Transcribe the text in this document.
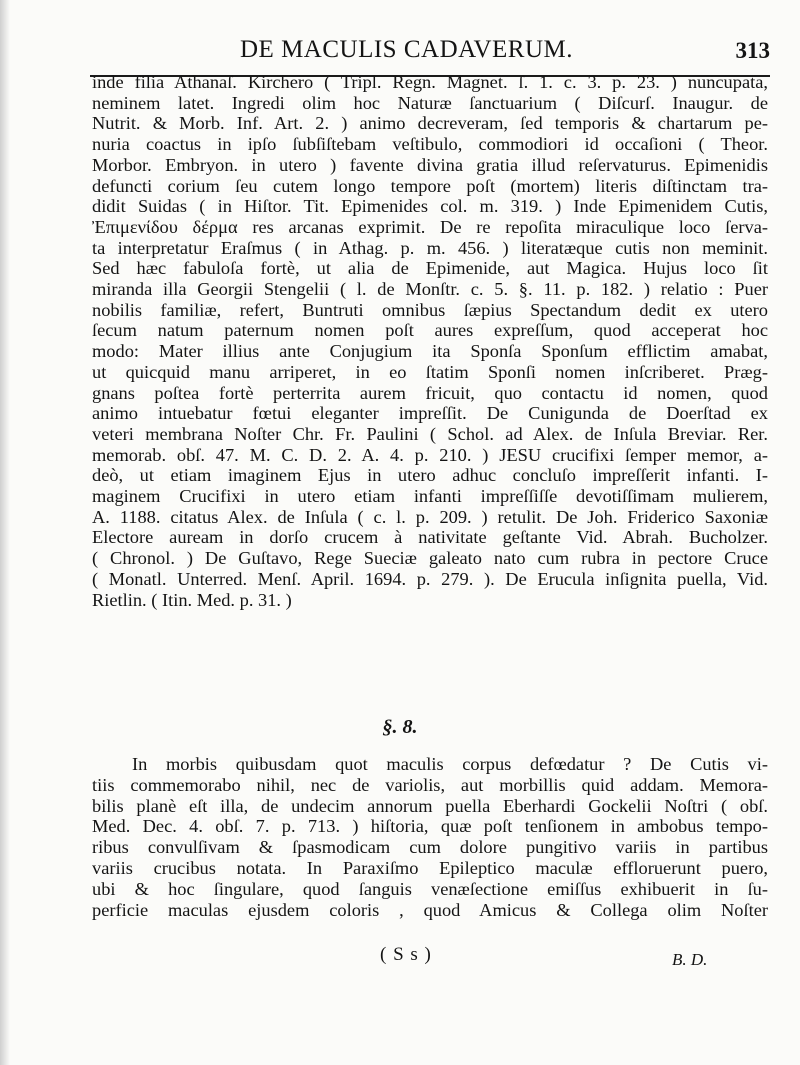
DE MACULIS CADAVERUM.	313
inde filia Athanaſ. Kirchero ( Tripl. Regn. Magnet. ſ. 1. c. 3. p. 23. ) nuncupata,
neminem latet. Ingredi olim hoc Naturæ ſanctuarium ( Diſcurſ. Inaugur. de
Nutrit. & Morb. Inf. Art. 2. ) animo decreveram, ſed temporis & chartarum pe-
nuria coactus in ipſo ſubſiſtebam veſtibulo, commodiori id occaſioni ( Theor.
Morbor. Embryon. in utero ) favente divina gratia illud reſervaturus. Epimenidis
defuncti corium ſeu cutem longo tempore poſt (mortem) literis diſtinctam tra-
didit Suidas ( in Hiſtor. Tit. Epimenides col. m. 319. ) Inde Epimenidem Cutis,
Ἐπιμενίδου δέρμα res arcanas exprimit. De re repoſita miraculique loco ſerva-
ta interpretatur Eraſmus ( in Athag. p. m. 456. ) literatæque cutis non meminit.
Sed hæc fabuloſa fortè, ut alia de Epimenide, aut Magica. Hujus loco ſit
miranda illa Georgii Stengelii ( l. de Monſtr. c. 5. §. 11. p. 182. ) relatio : Puer
nobilis familiæ, refert, Buntruti omnibus ſæpius Spectandum dedit ex utero
ſecum natum paternum nomen poſt aures expreſſum, quod acceperat hoc
modo: Mater illius ante Conjugium ita Sponſa Sponſum efflictim amabat,
ut quicquid manu arriperet, in eo ſtatim Sponſi nomen inſcriberet. Præg-
gnans poſtea fortè perterrita aurem fricuit, quo contactu id nomen, quod
animo intuebatur fœtui eleganter impreſſit. De Cunigunda de Doerſtad ex
veteri membrana Noſter Chr. Fr. Paulini ( Schol. ad Alex. de Inſula Breviar. Rer.
memorab. obſ. 47. M. C. D. 2. A. 4. p. 210. ) JESU crucifixi ſemper memor, a-
deò, ut etiam imaginem Ejus in utero adhuc concluſo impreſſerit infanti. I-
maginem Crucifixi in utero etiam infanti impreſſiſſe devotiſſimam mulierem,
A. 1188. citatus Alex. de Inſula ( c. l. p. 209. ) retulit. De Joh. Friderico Saxoniæ
Electore auream in dorſo crucem à nativitate geſtante Vid. Abrah. Bucholzer.
( Chronol. ) De Guſtavo, Rege Sueciæ galeato nato cum rubra in pectore Cruce
( Monatl. Unterred. Menſ. April. 1694. p. 279. ). De Erucula inſignita puella, Vid.
Rietlin. ( Itin. Med. p. 31. )
§. 8.
In morbis quibusdam quot maculis corpus defœdatur ? De Cutis vi-
tiis commemorabo nihil, nec de variolis, aut morbillis quid addam. Memora-
bilis planè eſt illa, de undecim annorum puella Eberhardi Gockelii Noſtri ( obſ.
Med. Dec. 4. obſ. 7. p. 713. ) hiſtoria, quæ poſt tenſionem in ambobus tempo-
ribus convulſivam & ſpasmodicam cum dolore pungitivo variis in partibus
variis crucibus notata. In Paraxiſmo Epileptico maculæ effloruerunt puero,
ubi & hoc ſingulare, quod ſanguis venæſectione emiſſus exhibuerit in ſu-
perficie maculas ejusdem coloris , quod Amicus & Collega olim Noſter
( S s )	B. D.
